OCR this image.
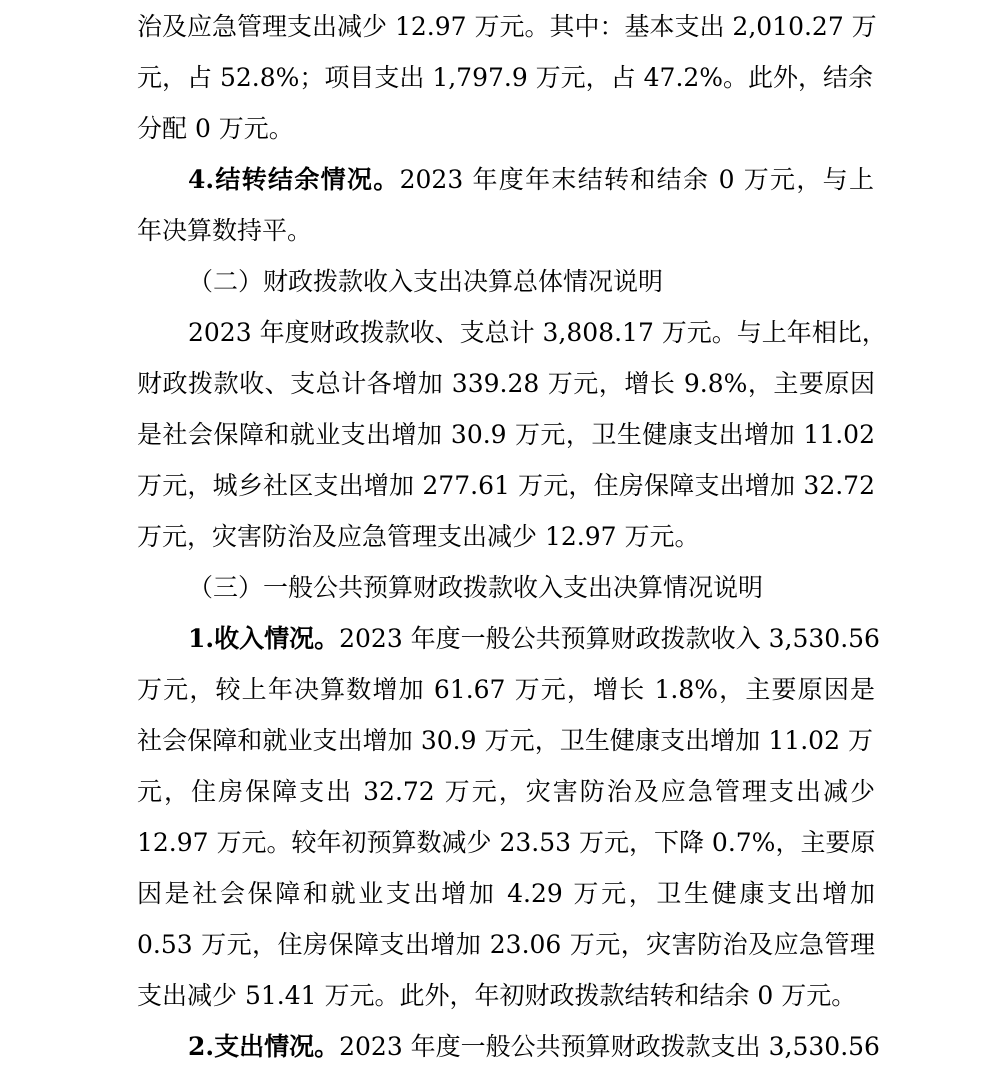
治及应急管理支出减少 12.97 万元。其中：基本支出 2,010.27 万
元，占 52.8%；项目支出 1,797.9 万元，占 47.2%。此外，结余
分配 0 万元。
4.结转结余情况。2023 年度年末结转和结余 0 万元，与上
年决算数持平。
（二）财政拨款收入支出决算总体情况说明
2023 年度财政拨款收、支总计 3,808.17 万元。与上年相比，
财政拨款收、支总计各增加 339.28 万元，增长 9.8%，主要原因
是社会保障和就业支出增加 30.9 万元，卫生健康支出增加 11.02
万元，城乡社区支出增加 277.61 万元，住房保障支出增加 32.72
万元，灾害防治及应急管理支出减少 12.97 万元。
（三）一般公共预算财政拨款收入支出决算情况说明
1.收入情况。2023 年度一般公共预算财政拨款收入 3,530.56
万元，较上年决算数增加 61.67 万元，增长 1.8%，主要原因是
社会保障和就业支出增加 30.9 万元，卫生健康支出增加 11.02 万
元，住房保障支出 32.72 万元，灾害防治及应急管理支出减少
12.97 万元。较年初预算数减少 23.53 万元，下降 0.7%，主要原
因是社会保障和就业支出增加 4.29 万元，卫生健康支出增加
0.53 万元，住房保障支出增加 23.06 万元，灾害防治及应急管理
支出减少 51.41 万元。此外，年初财政拨款结转和结余 0 万元。
2.支出情况。2023 年度一般公共预算财政拨款支出 3,530.56
